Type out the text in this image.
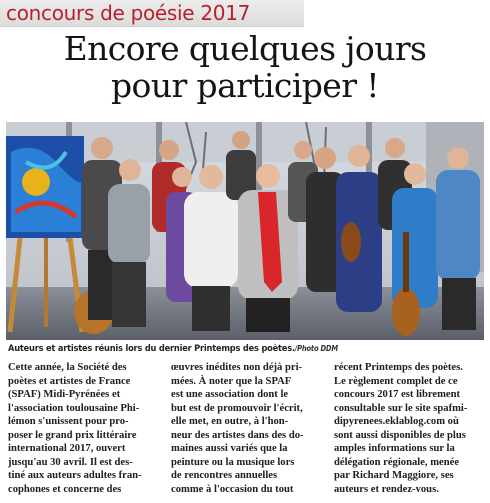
concours de poésie 2017
Encore quelques jours
pour participer !
Auteurs et artistes réunis lors du dernier Printemps des poètes./Photo DDM
Cette année, la Société des
poètes et artistes de France
(SPAF) Midi-Pyrénées et
l'association toulousaine Phi-
lémon s'unissent pour pro-
poser le grand prix littéraire
international 2017, ouvert
jusqu'au 30 avril. Il est des-
tiné aux auteurs adultes fran-
cophones et concerne des
œuvres inédites non déjà pri-
mées. À noter que la SPAF
est une association dont le
but est de promouvoir l'écrit,
elle met, en outre, à l'hon-
neur des artistes dans des do-
maines aussi variés que la
peinture ou la musique lors
de rencontres annuelles
comme à l'occasion du tout
récent Printemps des poètes.
Le règlement complet de ce
concours 2017 est librement
consultable sur le site spafmi-
dipyrenees.eklablog.com où
sont aussi disponibles de plus
amples informations sur la
délégation régionale, menée
par Richard Maggiore, ses
auteurs et rendez-vous.
